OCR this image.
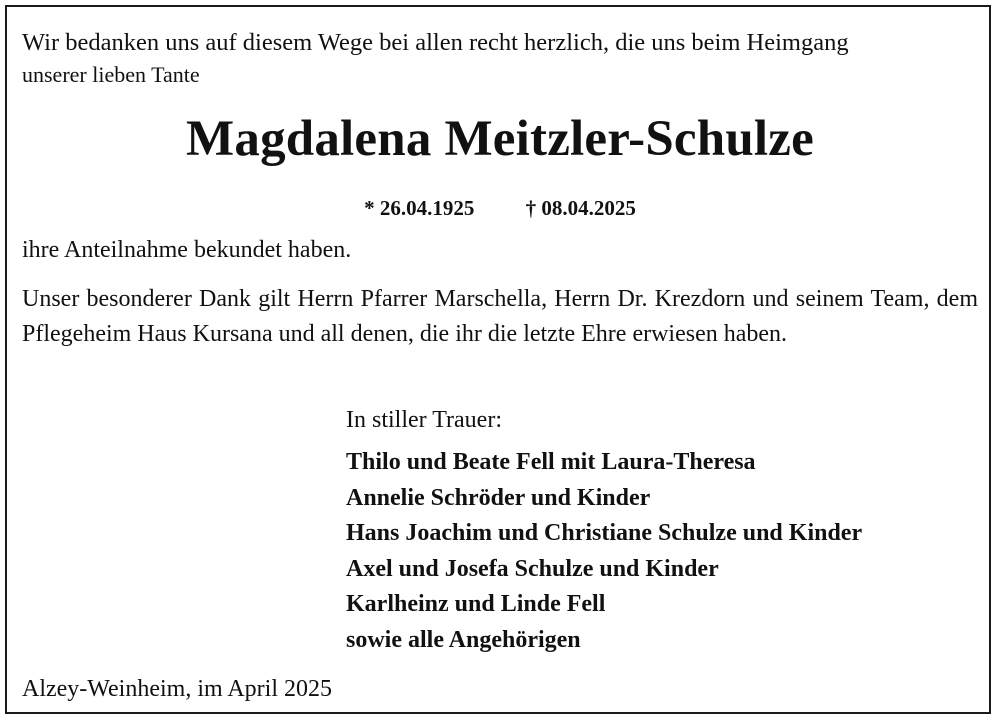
Wir bedanken uns auf diesem Wege bei allen recht herzlich, die uns beim Heimgang
unserer lieben Tante
Magdalena Meitzler-Schulze
* 26.04.1925 † 08.04.2025
ihre Anteilnahme bekundet haben.
Unser besonderer Dank gilt Herrn Pfarrer Marschella, Herrn Dr. Krezdorn und seinem Team, dem Pflegeheim Haus Kursana und all denen, die ihr die letzte Ehre erwiesen haben.
In stiller Trauer:
Thilo und Beate Fell mit Laura-Theresa
Annelie Schröder und Kinder
Hans Joachim und Christiane Schulze und Kinder
Axel und Josefa Schulze und Kinder
Karlheinz und Linde Fell
sowie alle Angehörigen
Alzey-Weinheim, im April 2025
